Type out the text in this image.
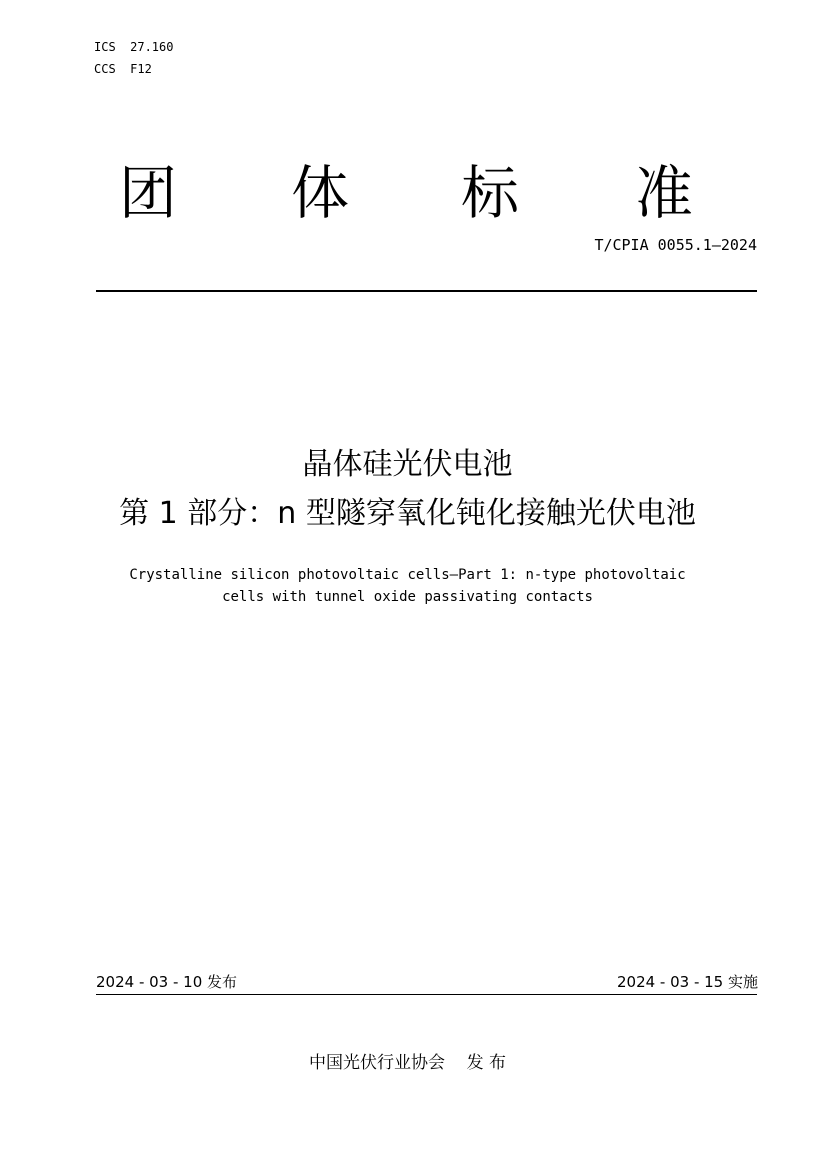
ICS  27.160
CCS  F12
团 体 标 准
T/CPIA 0055.1—2024
晶体硅光伏电池
第 1 部分：n 型隧穿氧化钝化接触光伏电池
Crystalline silicon photovoltaic cells—Part 1: n-type photovoltaic
cells with tunnel oxide passivating contacts
2024 - 03 - 10 发布	2024 - 03 - 15 实施
中国光伏行业协会    发 布
